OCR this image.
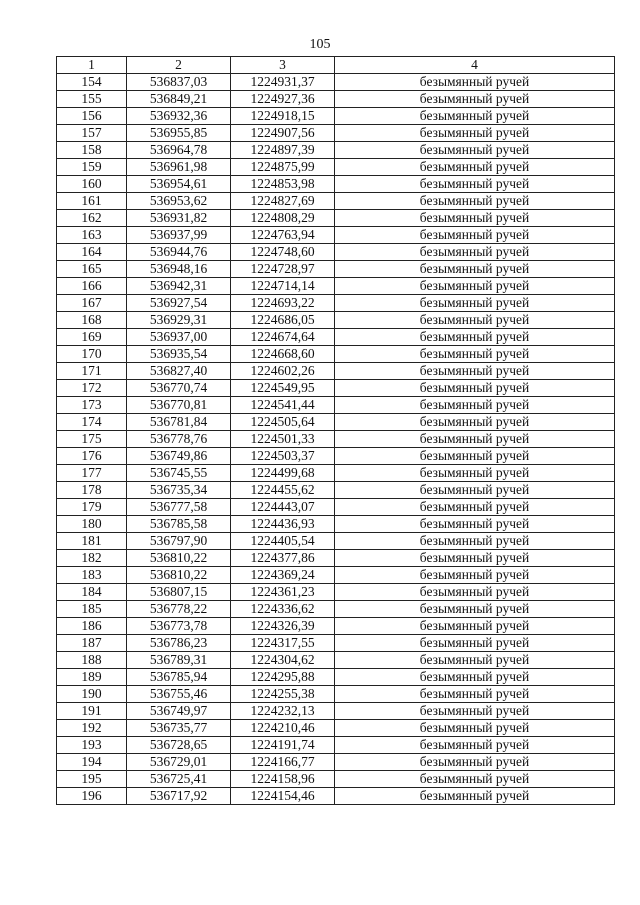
105
1	2	3	4
154	536837,03	1224931,37	безымянный ручей
155	536849,21	1224927,36	безымянный ручей
156	536932,36	1224918,15	безымянный ручей
157	536955,85	1224907,56	безымянный ручей
158	536964,78	1224897,39	безымянный ручей
159	536961,98	1224875,99	безымянный ручей
160	536954,61	1224853,98	безымянный ручей
161	536953,62	1224827,69	безымянный ручей
162	536931,82	1224808,29	безымянный ручей
163	536937,99	1224763,94	безымянный ручей
164	536944,76	1224748,60	безымянный ручей
165	536948,16	1224728,97	безымянный ручей
166	536942,31	1224714,14	безымянный ручей
167	536927,54	1224693,22	безымянный ручей
168	536929,31	1224686,05	безымянный ручей
169	536937,00	1224674,64	безымянный ручей
170	536935,54	1224668,60	безымянный ручей
171	536827,40	1224602,26	безымянный ручей
172	536770,74	1224549,95	безымянный ручей
173	536770,81	1224541,44	безымянный ручей
174	536781,84	1224505,64	безымянный ручей
175	536778,76	1224501,33	безымянный ручей
176	536749,86	1224503,37	безымянный ручей
177	536745,55	1224499,68	безымянный ручей
178	536735,34	1224455,62	безымянный ручей
179	536777,58	1224443,07	безымянный ручей
180	536785,58	1224436,93	безымянный ручей
181	536797,90	1224405,54	безымянный ручей
182	536810,22	1224377,86	безымянный ручей
183	536810,22	1224369,24	безымянный ручей
184	536807,15	1224361,23	безымянный ручей
185	536778,22	1224336,62	безымянный ручей
186	536773,78	1224326,39	безымянный ручей
187	536786,23	1224317,55	безымянный ручей
188	536789,31	1224304,62	безымянный ручей
189	536785,94	1224295,88	безымянный ручей
190	536755,46	1224255,38	безымянный ручей
191	536749,97	1224232,13	безымянный ручей
192	536735,77	1224210,46	безымянный ручей
193	536728,65	1224191,74	безымянный ручей
194	536729,01	1224166,77	безымянный ручей
195	536725,41	1224158,96	безымянный ручей
196	536717,92	1224154,46	безымянный ручей
